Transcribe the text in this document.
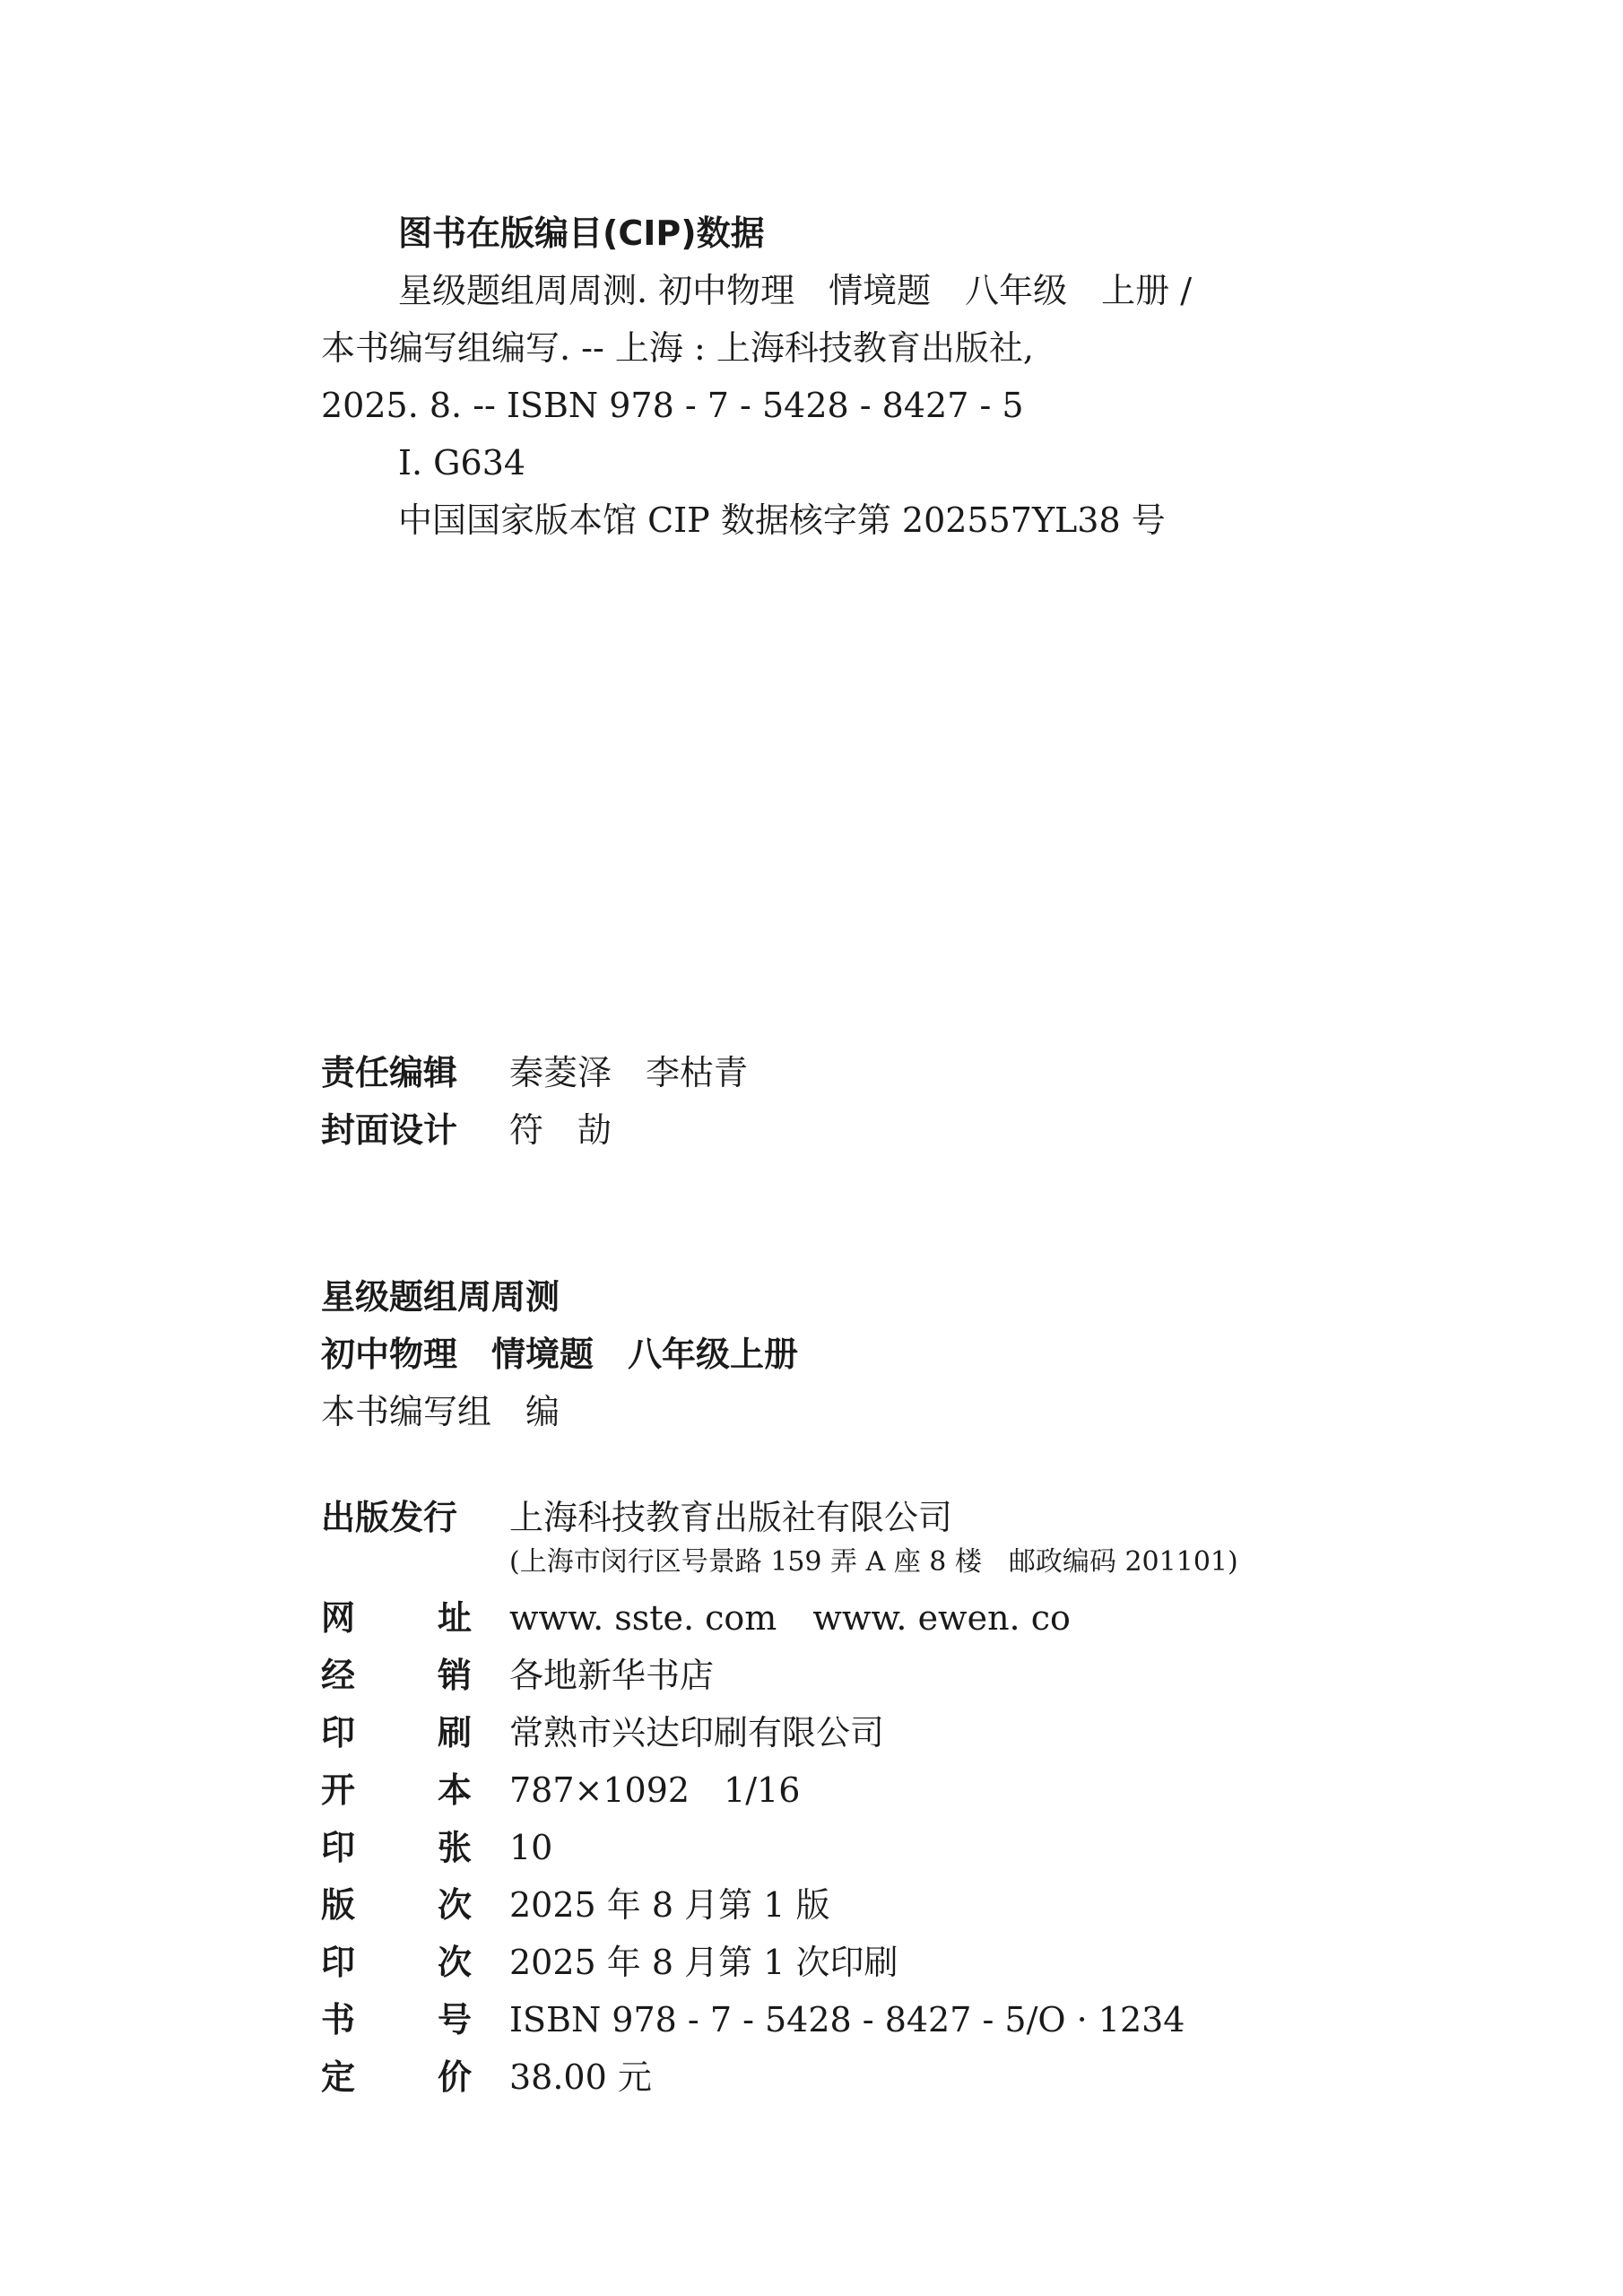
图书在版编目(CIP)数据
星级题组周周测. 初中物理　情境题　八年级　上册 /
本书编写组编写. -- 上海 : 上海科技教育出版社,
2025. 8. -- ISBN 978 - 7 - 5428 - 8427 - 5
Ⅰ. G634
中国国家版本馆 CIP 数据核字第 202557YL38 号
责任编辑 秦菱泽　李枯青
封面设计 符　劼
星级题组周周测
初中物理　情境题　八年级上册
本书编写组　编
出版发行 上海科技教育出版社有限公司
(上海市闵行区号景路 159 弄 A 座 8 楼　邮政编码 201101)
网 址 www. sste. com www. ewen. co
经 销 各地新华书店
印 刷 常熟市兴达印刷有限公司
开 本 787×1092　1/16
印 张 10
版 次 2025 年 8 月第 1 版
印 次 2025 年 8 月第 1 次印刷
书 号 ISBN 978 - 7 - 5428 - 8427 - 5/O · 1234
定 价 38.00 元
